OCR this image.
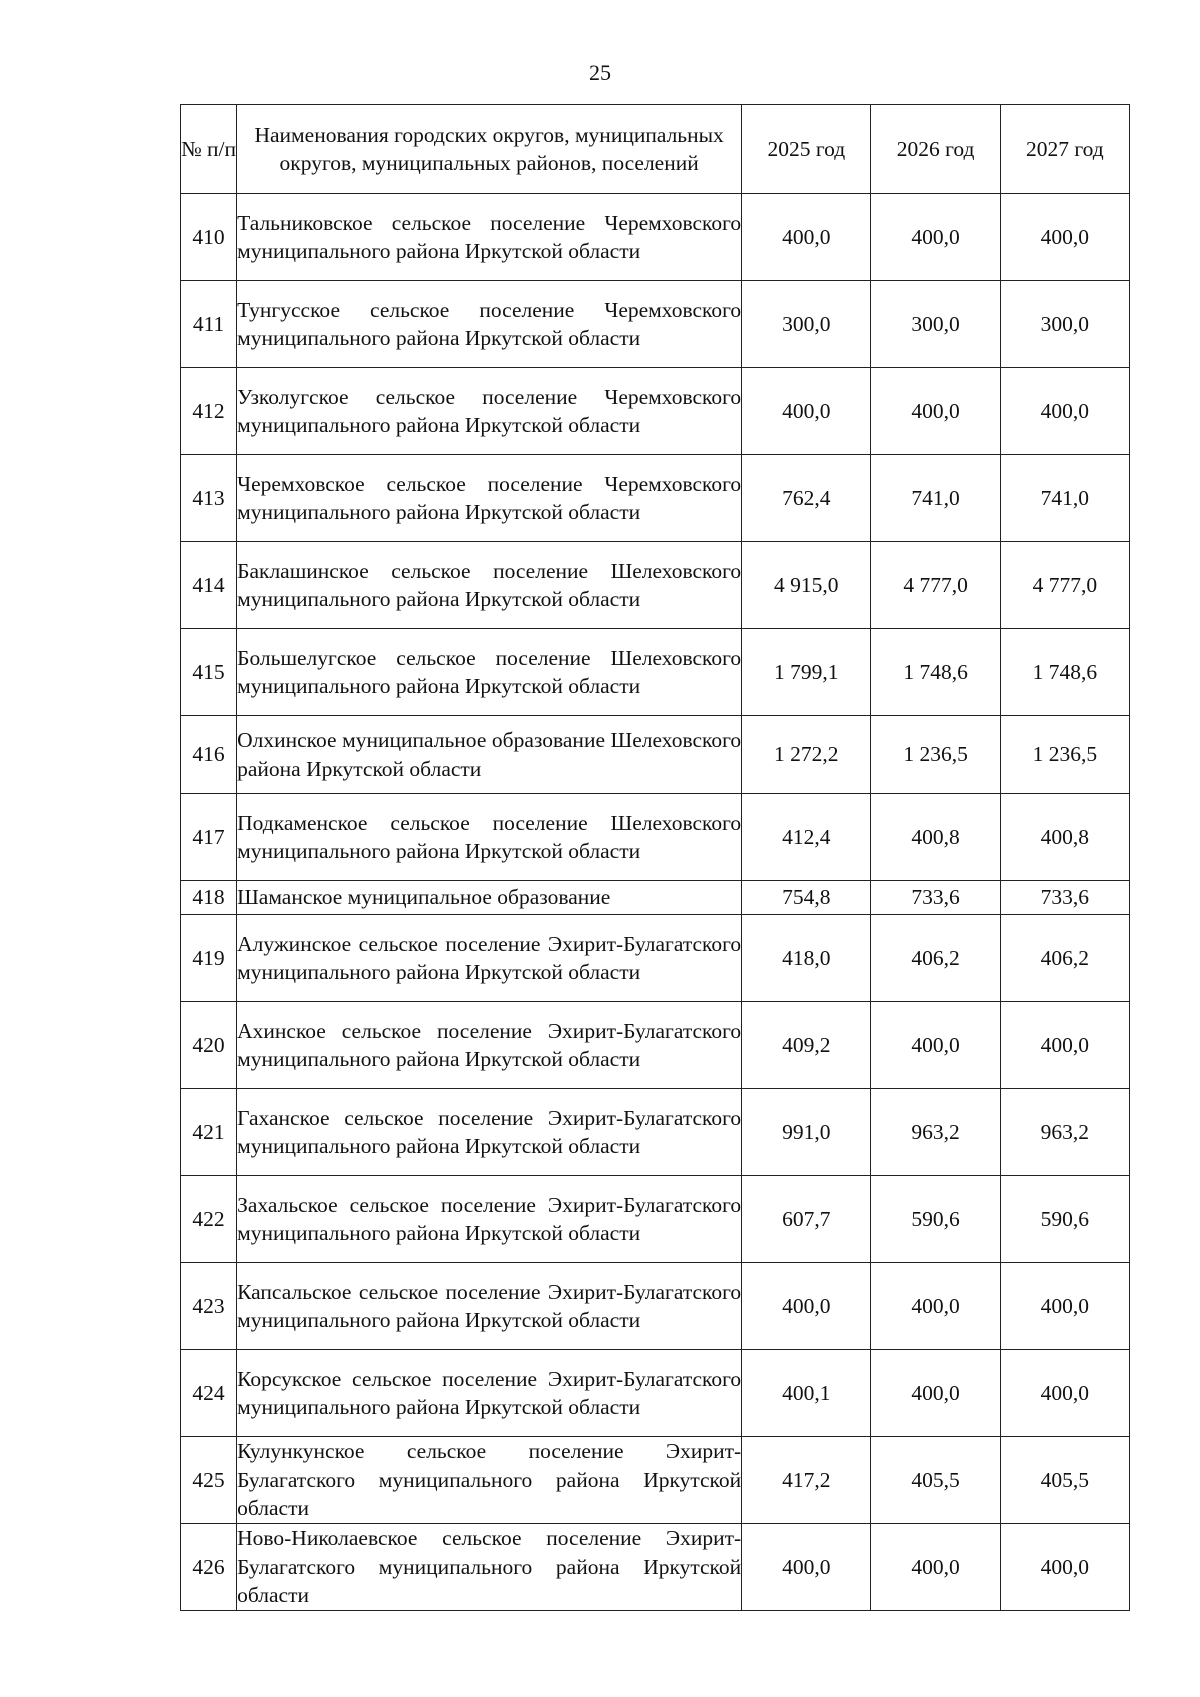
25
№ п/п	Наименования городских округов, муниципальных округов, муниципальных районов, поселений	2025 год	2026 год	2027 год
410	Тальниковское сельское поселение Черемховского муниципального района Иркутской области	400,0	400,0	400,0
411	Тунгусское сельское поселение Черемховского муниципального района Иркутской области	300,0	300,0	300,0
412	Узколугское сельское поселение Черемховского муниципального района Иркутской области	400,0	400,0	400,0
413	Черемховское сельское поселение Черемховского муниципального района Иркутской области	762,4	741,0	741,0
414	Баклашинское сельское поселение Шелеховского муниципального района Иркутской области	4 915,0	4 777,0	4 777,0
415	Большелугское сельское поселение Шелеховского муниципального района Иркутской области	1 799,1	1 748,6	1 748,6
416	Олхинское муниципальное образование Шелеховского района Иркутской области	1 272,2	1 236,5	1 236,5
417	Подкаменское сельское поселение Шелеховского муниципального района Иркутской области	412,4	400,8	400,8
418	Шаманское муниципальное образование	754,8	733,6	733,6
419	Алужинское сельское поселение Эхирит-Булагатского муниципального района Иркутской области	418,0	406,2	406,2
420	Ахинское сельское поселение Эхирит-Булагатского муниципального района Иркутской области	409,2	400,0	400,0
421	Гаханское сельское поселение Эхирит-Булагатского муниципального района Иркутской области	991,0	963,2	963,2
422	Захальское сельское поселение Эхирит-Булагатского муниципального района Иркутской области	607,7	590,6	590,6
423	Капсальское сельское поселение Эхирит-Булагатского муниципального района Иркутской области	400,0	400,0	400,0
424	Корсукское сельское поселение Эхирит-Булагатского муниципального района Иркутской области	400,1	400,0	400,0
425	Кулункунское сельское поселение Эхирит-Булагатского муниципального района Иркутской области	417,2	405,5	405,5
426	Ново-Николаевское сельское поселение Эхирит-Булагатского муниципального района Иркутской области	400,0	400,0	400,0
